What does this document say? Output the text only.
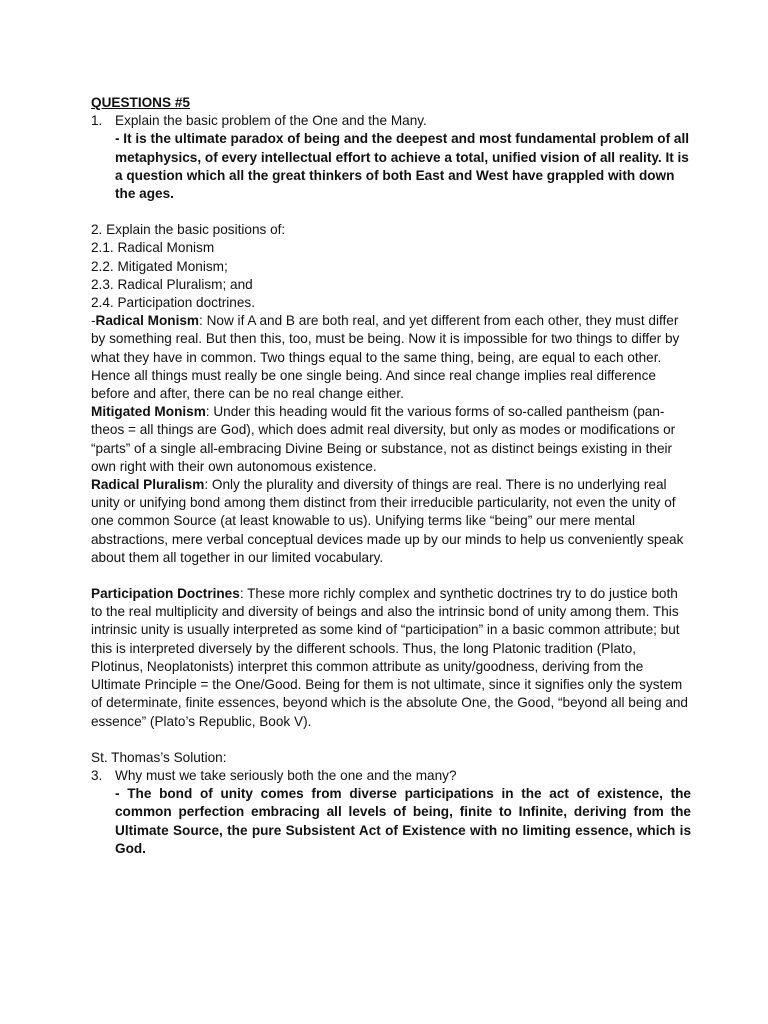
QUESTIONS #5
1. Explain the basic problem of the One and the Many.
- It is the ultimate paradox of being and the deepest and most fundamental problem of all metaphysics, of every intellectual effort to achieve a total, unified vision of all reality. It is a question which all the great thinkers of both East and West have grappled with down the ages.
2. Explain the basic positions of:
2.1. Radical Monism
2.2. Mitigated Monism;
2.3. Radical Pluralism; and
2.4. Participation doctrines.

-Radical Monism: Now if A and B are both real, and yet different from each other, they must differ by something real. But then this, too, must be being. Now it is impossible for two things to differ by what they have in common. Two things equal to the same thing, being, are equal to each other. Hence all things must really be one single being. And since real change implies real difference before and after, there can be no real change either.

Mitigated Monism: Under this heading would fit the various forms of so-called pantheism (pan-theos = all things are God), which does admit real diversity, but only as modes or modifications or “parts” of a single all-embracing Divine Being or substance, not as distinct beings existing in their own right with their own autonomous existence.

Radical Pluralism: Only the plurality and diversity of things are real. There is no underlying real unity or unifying bond among them distinct from their irreducible particularity, not even the unity of one common Source (at least knowable to us). Unifying terms like “being” our mere mental abstractions, mere verbal conceptual devices made up by our minds to help us conveniently speak about them all together in our limited vocabulary.

Participation Doctrines: These more richly complex and synthetic doctrines try to do justice both to the real multiplicity and diversity of beings and also the intrinsic bond of unity among them. This intrinsic unity is usually interpreted as some kind of “participation” in a basic common attribute; but this is interpreted diversely by the different schools. Thus, the long Platonic tradition (Plato, Plotinus, Neoplatonists) interpret this common attribute as unity/goodness, deriving from the Ultimate Principle = the One/Good. Being for them is not ultimate, since it signifies only the system of determinate, finite essences, beyond which is the absolute One, the Good, “beyond all being and essence” (Plato’s Republic, Book V).

St. Thomas’s Solution:
3. Why must we take seriously both the one and the many?
- The bond of unity comes from diverse participations in the act of existence, the common perfection embracing all levels of being, finite to Infinite, deriving from the Ultimate Source, the pure Subsistent Act of Existence with no limiting essence, which is God.
